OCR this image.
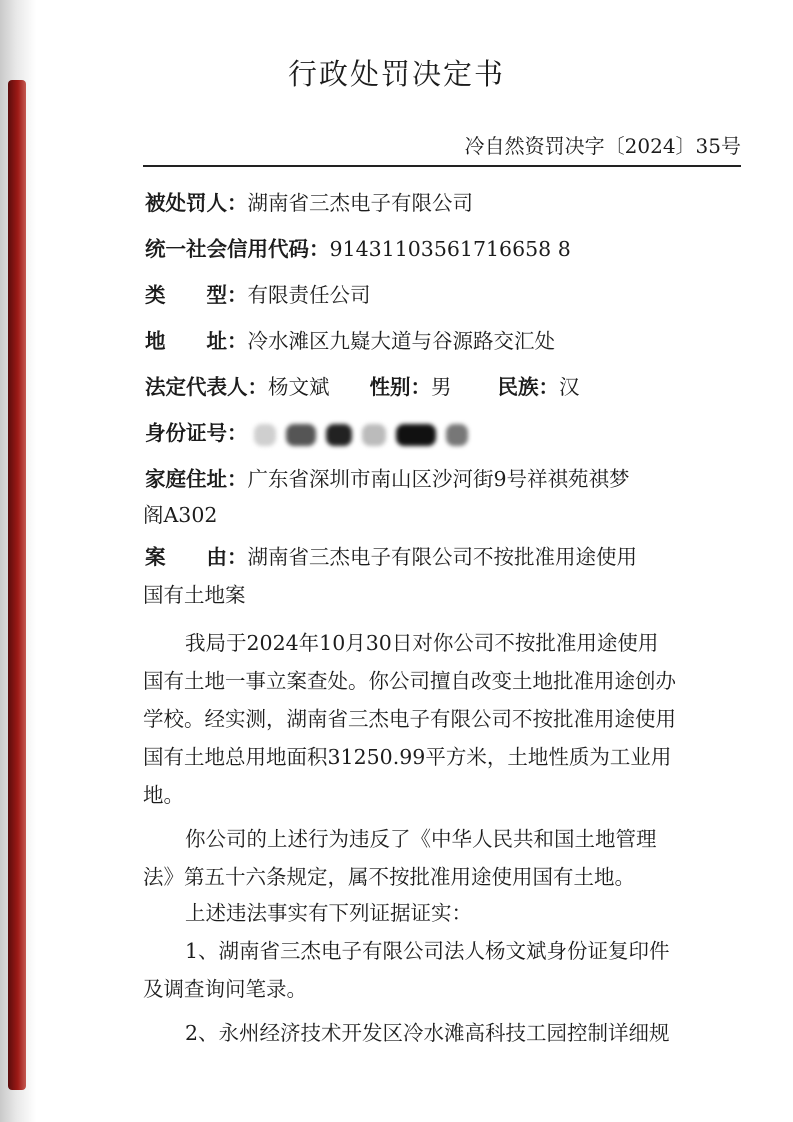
行政处罚决定书
冷自然资罚决字〔2024〕35号
被处罚人：湖南省三杰电子有限公司
统一社会信用代码：91431103561716658 8
类　　型：有限责任公司
地　　址：冷水滩区九嶷大道与谷源路交汇处
法定代表人：杨文斌 性别：男 民族：汉
身份证号：
家庭住址：广东省深圳市南山区沙河街9号祥祺苑祺梦
阁A302
案　　由：湖南省三杰电子有限公司不按批准用途使用
国有土地案
我局于2024年10月30日对你公司不按批准用途使用
国有土地一事立案查处。你公司擅自改变土地批准用途创办
学校。经实测，湖南省三杰电子有限公司不按批准用途使用
国有土地总用地面积31250.99平方米，土地性质为工业用
地。
你公司的上述行为违反了《中华人民共和国土地管理
法》第五十六条规定，属不按批准用途使用国有土地。
上述违法事实有下列证据证实：
1、湖南省三杰电子有限公司法人杨文斌身份证复印件
及调查询问笔录。
2、永州经济技术开发区冷水滩高科技工园控制详细规
